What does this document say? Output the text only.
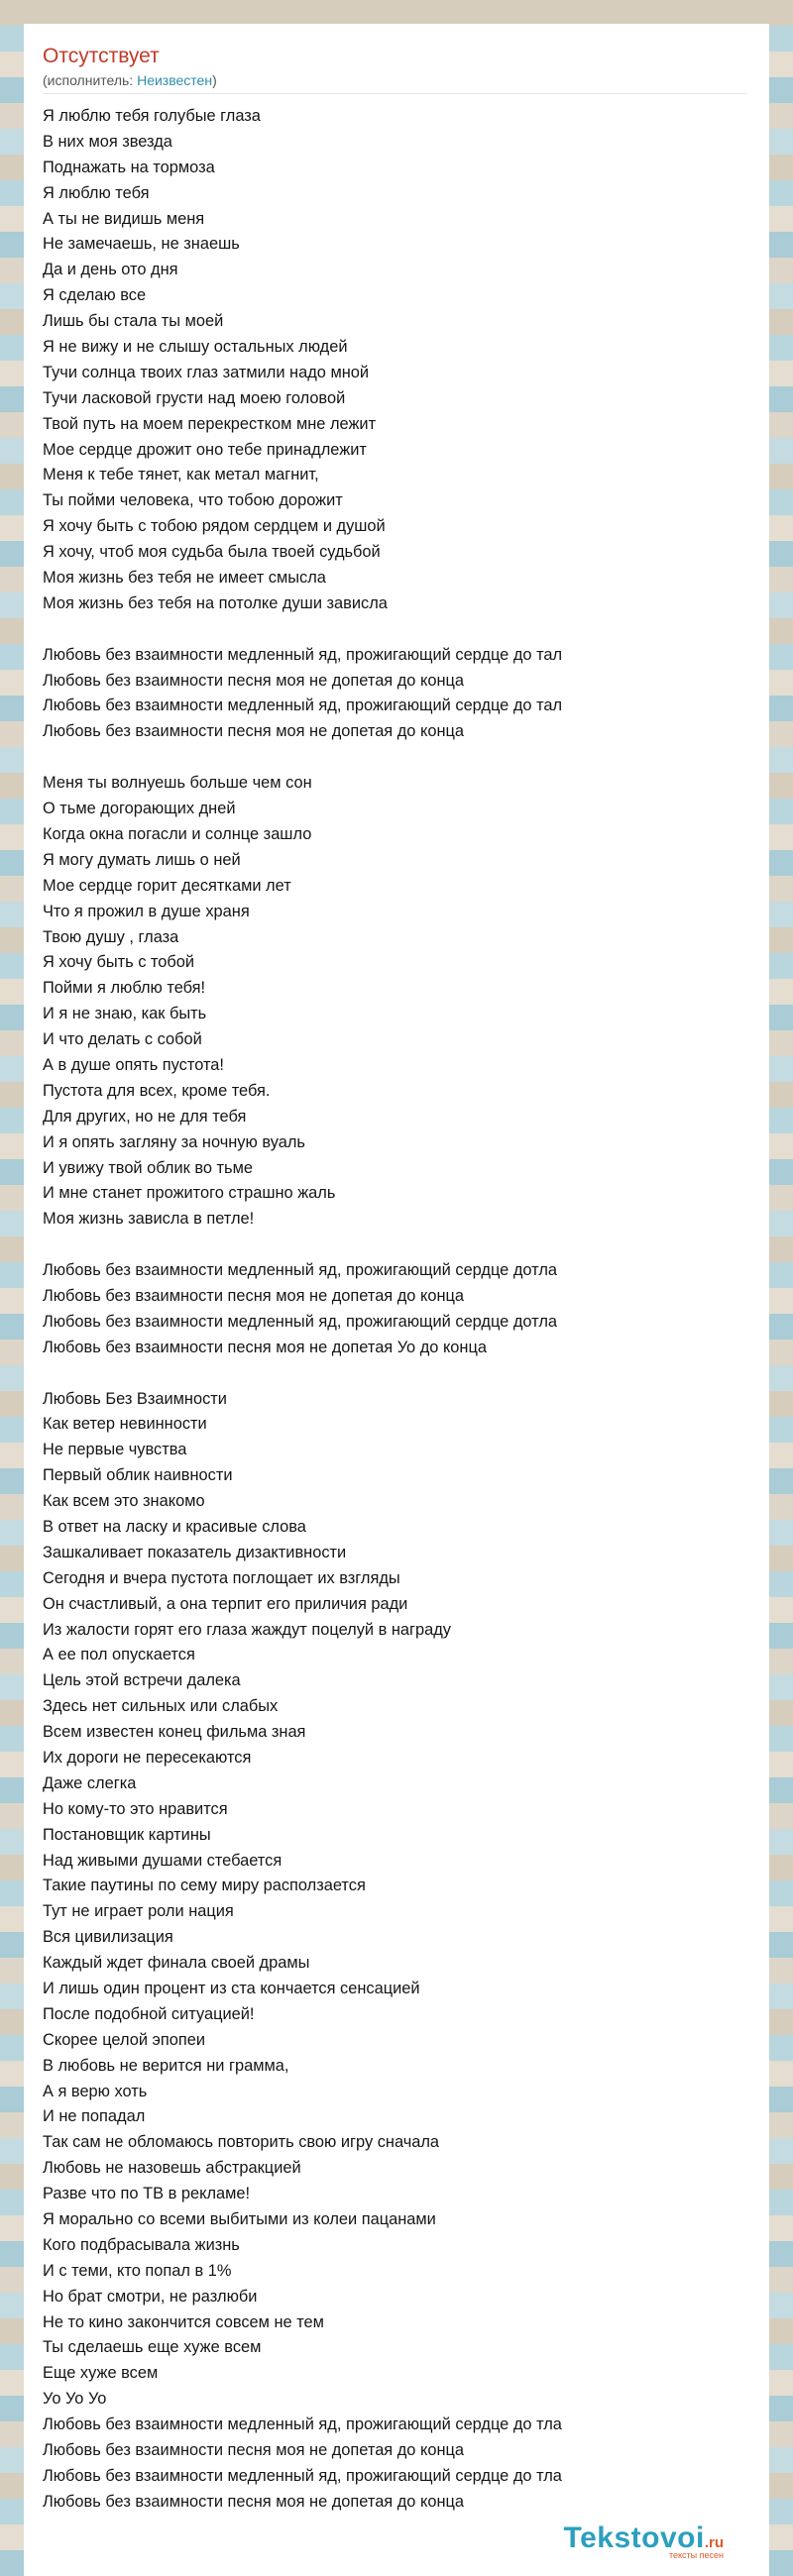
Отсутствует
(исполнитель: Неизвестен)
Я люблю тебя голубые глаза
В них моя звезда
Поднажать на тормоза
Я люблю тебя
А ты не видишь меня
Не замечаешь, не знаешь
Да и день ото дня
Я сделаю все
Лишь бы стала ты моей
Я не вижу и не слышу остальных людей
Тучи солнца твоих глаз затмили надо мной
Тучи ласковой грусти над моею головой
Твой путь на моем перекрестком мне лежит
Мое сердце дрожит оно тебе принадлежит
Меня к тебе тянет, как метал магнит,
Ты пойми человека, что тобою дорожит
Я хочу быть с тобою рядом сердцем и душой
Я хочу, чтоб моя судьба была твоей судьбой
Моя жизнь без тебя не имеет смысла
Моя жизнь без тебя на потолке души зависла
Любовь без взаимности медленный яд, прожигающий сердце до тал
Любовь без взаимности песня моя не допетая до конца
Любовь без взаимности медленный яд, прожигающий сердце до тал
Любовь без взаимности песня моя не допетая до конца
Меня ты волнуешь больше чем сон
О тьме догорающих дней
Когда окна погасли и солнце зашло
Я могу думать лишь о ней
Мое сердце горит десятками лет
Что я прожил в душе храня
Твою душу , глаза
Я хочу быть с тобой
Пойми я люблю тебя!
И я не знаю, как быть
И что делать с собой
А в душе опять пустота!
Пустота для всех, кроме тебя.
Для других, но не для тебя
И я опять загляну за ночную вуаль
И увижу твой облик во тьме
И мне станет прожитого страшно жаль
Моя жизнь зависла в петле!
Любовь без взаимности медленный яд, прожигающий сердце дотла
Любовь без взаимности песня моя не допетая до конца
Любовь без взаимности медленный яд, прожигающий сердце дотла
Любовь без взаимности песня моя не допетая Уо до конца
Любовь Без Взаимности
Как ветер невинности
Не первые чувства
Первый облик наивности
Как всем это знакомо
В ответ на ласку и красивые слова
Зашкаливает показатель дизактивности
Сегодня и вчера пустота поглощает их взгляды
Он счастливый, а она терпит его приличия ради
Из жалости горят его глаза жаждут поцелуй в награду
А ее пол опускается
Цель этой встречи далека
Здесь нет сильных или слабых
Всем известен конец фильма зная
Их дороги не пересекаются
Даже слегка
Но кому-то это нравится
Постановщик картины
Над живыми душами стебается
Такие паутины по сему миру расползается
Тут не играет роли нация
Вся цивилизация
Каждый ждет финала своей драмы
И лишь один процент из ста кончается сенсацией
После подобной ситуацией!
Скорее целой эпопеи
В любовь не верится ни грамма,
А я верю хоть
И не попадал
Так сам не обломаюсь повторить свою игру сначала
Любовь не назовешь абстракцией
Разве что по ТВ в рекламе!
Я морально со всеми выбитыми из колеи пацанами
Кого подбрасывала жизнь
И с теми, кто попал в 1%
Но брат смотри, не разлюби
Не то кино закончится совсем не тем
Ты сделаешь еще хуже всем
Еще хуже всем
Уо Уо Уо
Любовь без взаимности медленный яд, прожигающий сердце до тла
Любовь без взаимности песня моя не допетая до конца
Любовь без взаимности медленный яд, прожигающий сердце до тла
Любовь без взаимности песня моя не допетая до конца
Tekstovoi.ru
тексты песен
